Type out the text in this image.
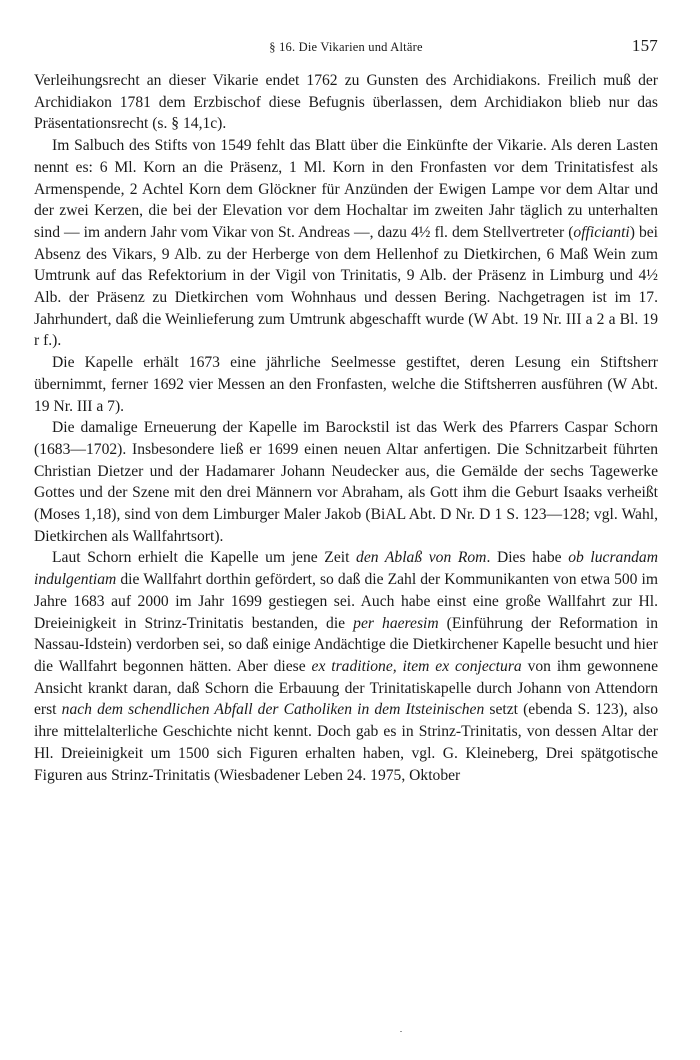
§ 16. Die Vikarien und Altäre	157

Verleihungsrecht an dieser Vikarie endet 1762 zu Gunsten des Archidiakons. Freilich muß der Archidiakon 1781 dem Erzbischof diese Befugnis überlassen, dem Archidiakon blieb nur das Präsentationsrecht (s. § 14,1c).

Im Salbuch des Stifts von 1549 fehlt das Blatt über die Einkünfte der Vikarie. Als deren Lasten nennt es: 6 Ml. Korn an die Präsenz, 1 Ml. Korn in den Fronfasten vor dem Trinitatisfest als Armenspende, 2 Achtel Korn dem Glöckner für Anzünden der Ewigen Lampe vor dem Altar und der zwei Kerzen, die bei der Elevation vor dem Hochaltar im zweiten Jahr täglich zu unterhalten sind — im andern Jahr vom Vikar von St. Andreas —, dazu 4½ fl. dem Stellvertreter (officianti) bei Absenz des Vikars, 9 Alb. zu der Herberge von dem Hellenhof zu Dietkirchen, 6 Maß Wein zum Umtrunk auf das Refektorium in der Vigil von Trinitatis, 9 Alb. der Präsenz in Limburg und 4½ Alb. der Präsenz zu Dietkirchen vom Wohnhaus und dessen Bering. Nachgetragen ist im 17. Jahrhundert, daß die Weinlieferung zum Umtrunk abgeschafft wurde (W Abt. 19 Nr. III a 2 a Bl. 19 r f.).

Die Kapelle erhält 1673 eine jährliche Seelmesse gestiftet, deren Lesung ein Stiftsherr übernimmt, ferner 1692 vier Messen an den Fronfasten, welche die Stiftsherren ausführen (W Abt. 19 Nr. III a 7).

Die damalige Erneuerung der Kapelle im Barockstil ist das Werk des Pfarrers Caspar Schorn (1683—1702). Insbesondere ließ er 1699 einen neuen Altar anfertigen. Die Schnitzarbeit führten Christian Dietzer und der Hadamarer Johann Neudecker aus, die Gemälde der sechs Tagewerke Gottes und der Szene mit den drei Männern vor Abraham, als Gott ihm die Geburt Isaaks verheißt (Moses 1,18), sind von dem Limburger Maler Jakob (BiAL Abt. D Nr. D 1 S. 123—128; vgl. Wahl, Dietkirchen als Wallfahrtsort).

Laut Schorn erhielt die Kapelle um jene Zeit den Ablaß von Rom. Dies habe ob lucrandam indulgentiam die Wallfahrt dorthin gefördert, so daß die Zahl der Kommunikanten von etwa 500 im Jahre 1683 auf 2000 im Jahr 1699 gestiegen sei. Auch habe einst eine große Wallfahrt zur Hl. Dreieinigkeit in Strinz-Trinitatis bestanden, die per haeresim (Einführung der Reformation in Nassau-Idstein) verdorben sei, so daß einige Andächtige die Dietkirchener Kapelle besucht und hier die Wallfahrt begonnen hätten. Aber diese ex traditione, item ex conjectura von ihm gewonnene Ansicht krankt daran, daß Schorn die Erbauung der Trinitatiskapelle durch Johann von Attendorn erst nach dem schendlichen Abfall der Catholiken in dem Itsteinischen setzt (ebenda S. 123), also ihre mittelalterliche Geschichte nicht kennt. Doch gab es in Strinz-Trinitatis, von dessen Altar der Hl. Dreieinigkeit um 1500 sich Figuren erhalten haben, vgl. G. Kleineberg, Drei spätgotische Figuren aus Strinz-Trinitatis (Wiesbadener Leben 24. 1975, Oktober
